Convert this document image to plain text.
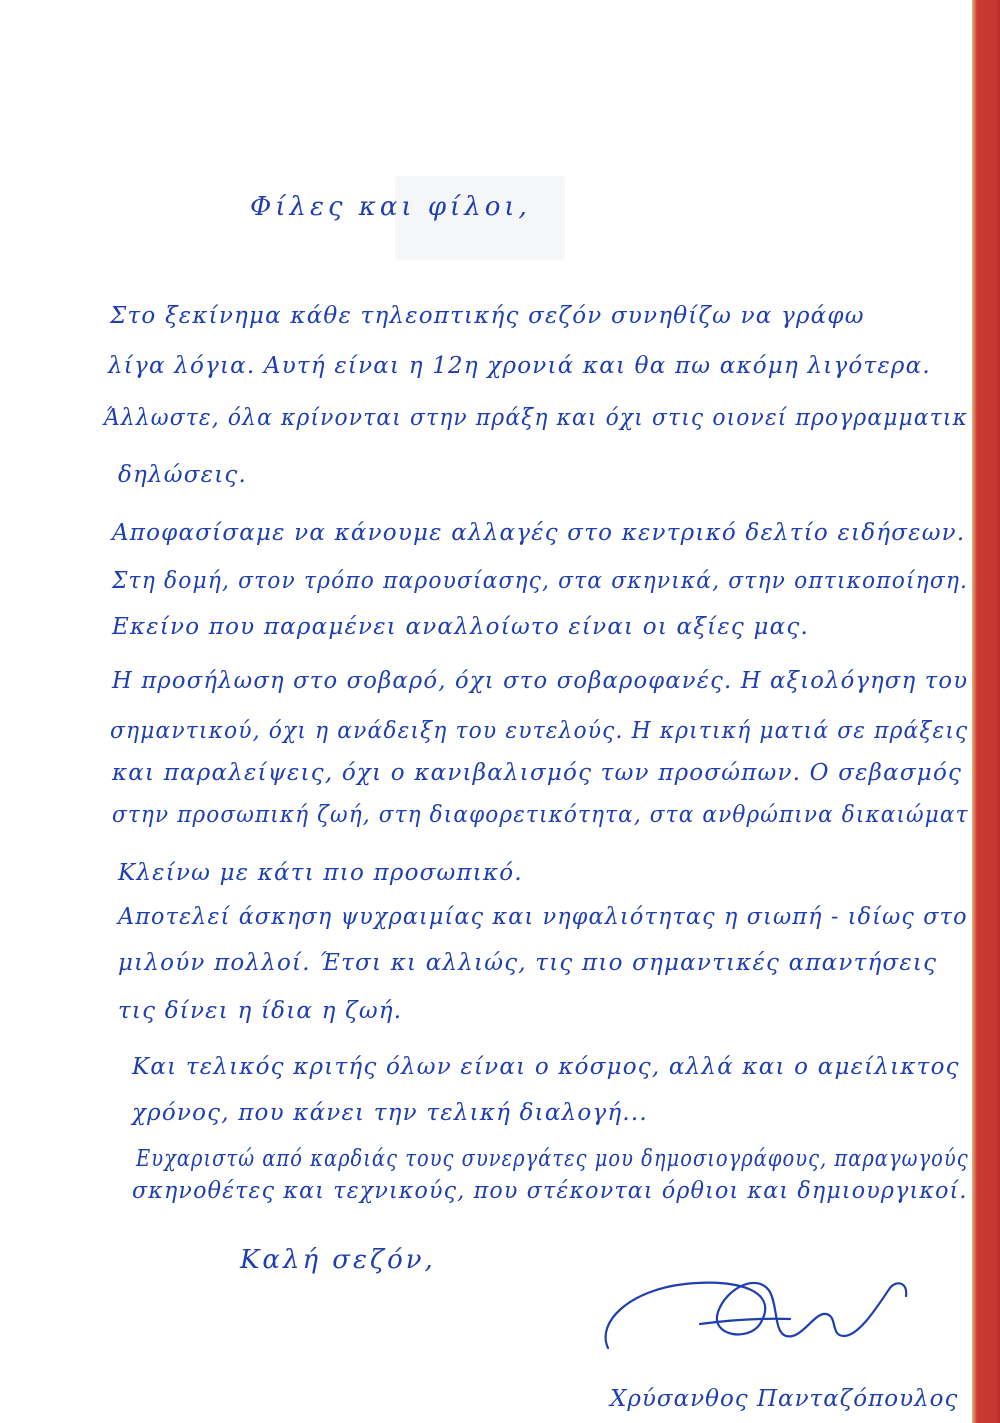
Φίλες και φίλοι,
Στο ξεκίνημα κάθε τηλεοπτικής σεζόν συνηθίζω να γράφω
λίγα λόγια. Αυτή είναι η 12η χρονιά και θα πω ακόμη λιγότερα.
Άλλωστε, όλα κρίνονται στην πράξη και όχι στις οιονεί προγραμματικ
δηλώσεις.
Αποφασίσαμε να κάνουμε αλλαγές στο κεντρικό δελτίο ειδήσεων.
Στη δομή, στον τρόπο παρουσίασης, στα σκηνικά, στην οπτικοποίηση.
Εκείνο που παραμένει αναλλοίωτο είναι οι αξίες μας.
Η προσήλωση στο σοβαρό, όχι στο σοβαροφανές. Η αξιολόγηση του
σημαντικού, όχι η ανάδειξη του ευτελούς. Η κριτική ματιά σε πράξεις
και παραλείψεις, όχι ο κανιβαλισμός των προσώπων. Ο σεβασμός
στην προσωπική ζωή, στη διαφορετικότητα, στα ανθρώπινα δικαιώματ
Κλείνω με κάτι πιο προσωπικό.
Αποτελεί άσκηση ψυχραιμίας και νηφαλιότητας η σιωπή - ιδίως στο
μιλούν πολλοί. Έτσι κι αλλιώς, τις πιο σημαντικές απαντήσεις
τις δίνει η ίδια η ζωή.
Και τελικός κριτής όλων είναι ο κόσμος, αλλά και ο αμείλικτος
χρόνος, που κάνει την τελική διαλογή...
Ευχαριστώ από καρδιάς τους συνεργάτες μου δημοσιογράφους, παραγωγούς
σκηνοθέτες και τεχνικούς, που στέκονται όρθιοι και δημιουργικοί.
Καλή σεζόν,
Χρύσανθος Πανταζόπουλος
